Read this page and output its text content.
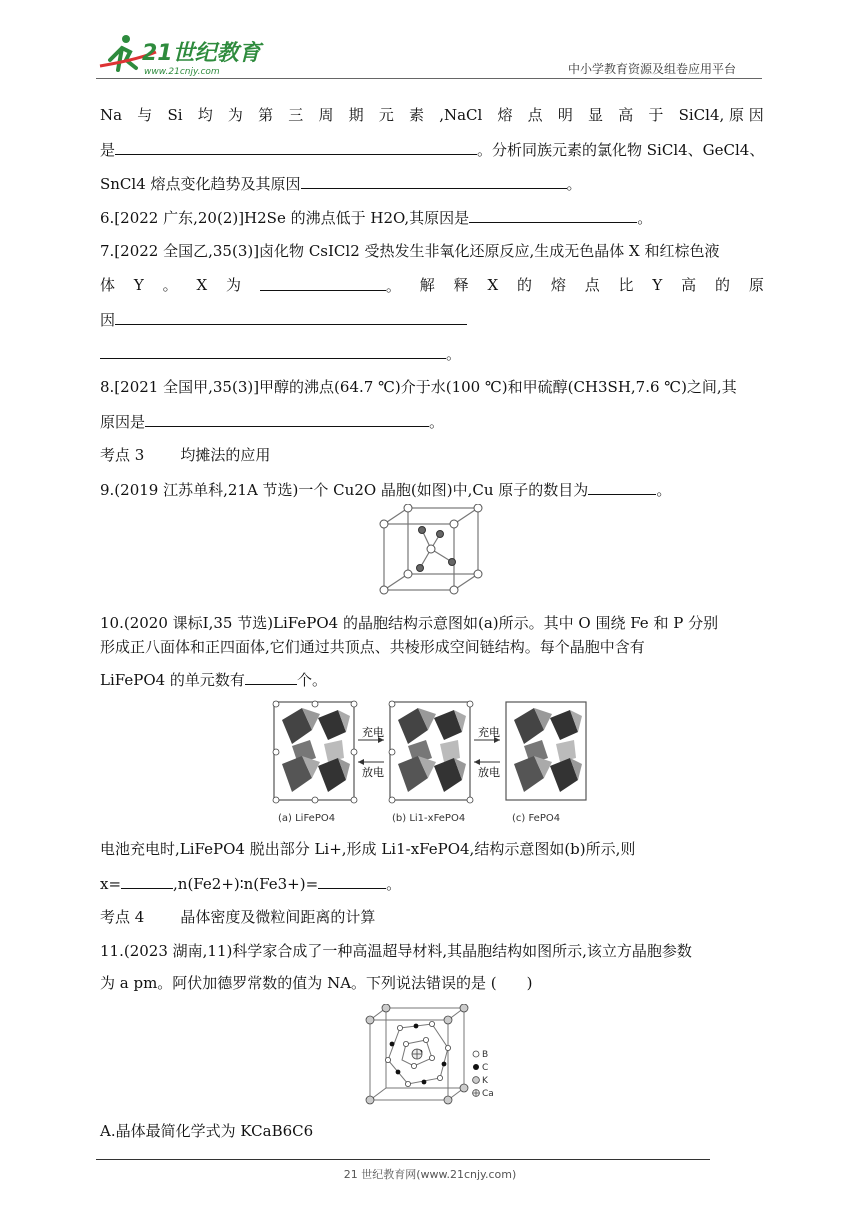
21世纪教育
www.21cnjy.com	中小学教育资源及组卷应用平台
Na 与 Si 均 为 第 三 周 期 元 素 ,NaCl 熔 点 明 显 高 于 SiCl4, 原 因
是	。分析同族元素的氯化物 SiCl4、GeCl4、
SnCl4 熔点变化趋势及其原因	。
6.[2022 广东,20(2)]H2Se 的沸点低于 H2O,其原因是	。
7.[2022 全国乙,35(3)]卤化物 CsICl2 受热发生非氧化还原反应,生成无色晶体 X 和红棕色液
体 Y 。 X 为	。 解 释 X 的 熔 点 比 Y 高 的 原
因
。
8.[2021 全国甲,35(3)]甲醇的沸点(64.7 ℃)介于水(100 ℃)和甲硫醇(CH3SH,7.6 ℃)之间,其
原因是	。
考点 3 均摊法的应用
9.(2019 江苏单科,21A 节选)一个 Cu2O 晶胞(如图)中,Cu 原子的数目为	。
10.(2020 课标Ⅰ,35 节选)LiFePO4 的晶胞结构示意图如(a)所示。其中 O 围绕 Fe 和 P 分别
形成正八面体和正四面体,它们通过共顶点、共棱形成空间链结构。每个晶胞中含有
LiFePO4 的单元数有	个。
充电
放电
充电
放电
(a) LiFePO4	(b) Li1-xFePO4	(c) FePO4
电池充电时,LiFePO4 脱出部分 Li+,形成 Li1-xFePO4,结构示意图如(b)所示,则
x=	,n(Fe2+)∶n(Fe3+)=	。
考点 4 晶体密度及微粒间距离的计算
11.(2023 湖南,11)科学家合成了一种高温超导材料,其晶胞结构如图所示,该立方晶胞参数
为 a pm。阿伏加德罗常数的值为 NA。下列说法错误的是 (　　)
B
C
K
Ca
A.晶体最简化学式为 KCaB6C6
21 世纪教育网(www.21cnjy.com)
